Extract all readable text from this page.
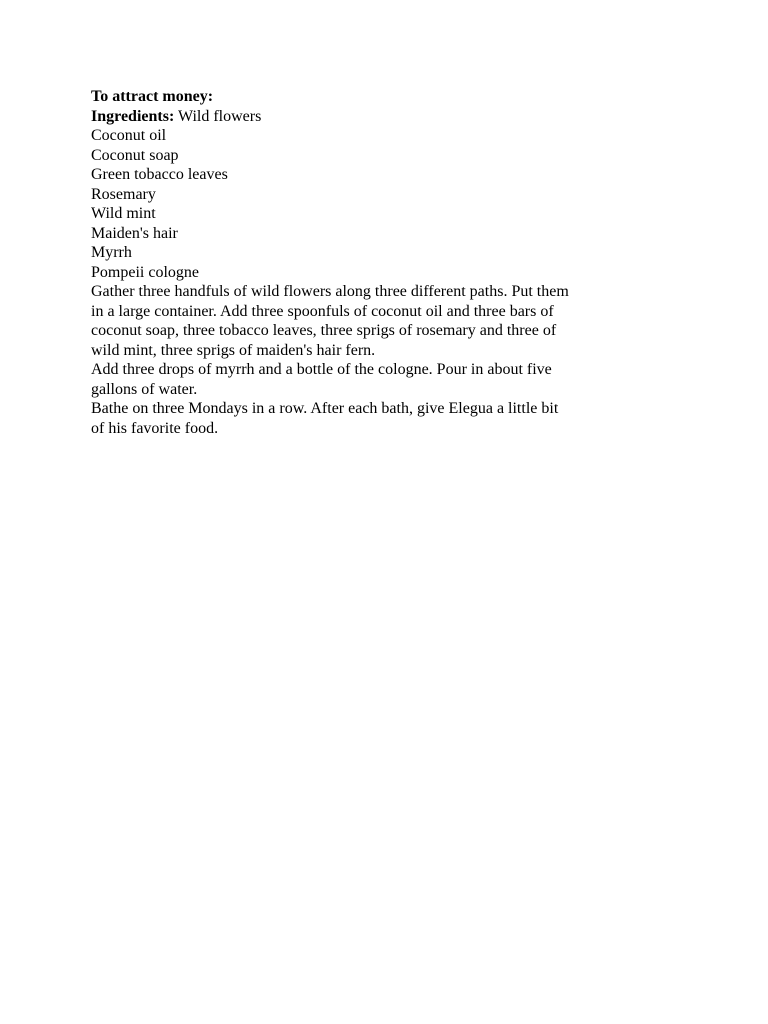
To attract money:
Ingredients: Wild flowers
Coconut oil
Coconut soap
Green tobacco leaves
Rosemary
Wild mint
Maiden's hair
Myrrh
Pompeii cologne
Gather three handfuls of wild flowers along three different paths. Put them in a large container. Add three spoonfuls of coconut oil and three bars of coconut soap, three tobacco leaves, three sprigs of rosemary and three of wild mint, three sprigs of maiden's hair fern.
Add three drops of myrrh and a bottle of the cologne. Pour in about five gallons of water.
Bathe on three Mondays in a row. After each bath, give Elegua a little bit of his favorite food.
